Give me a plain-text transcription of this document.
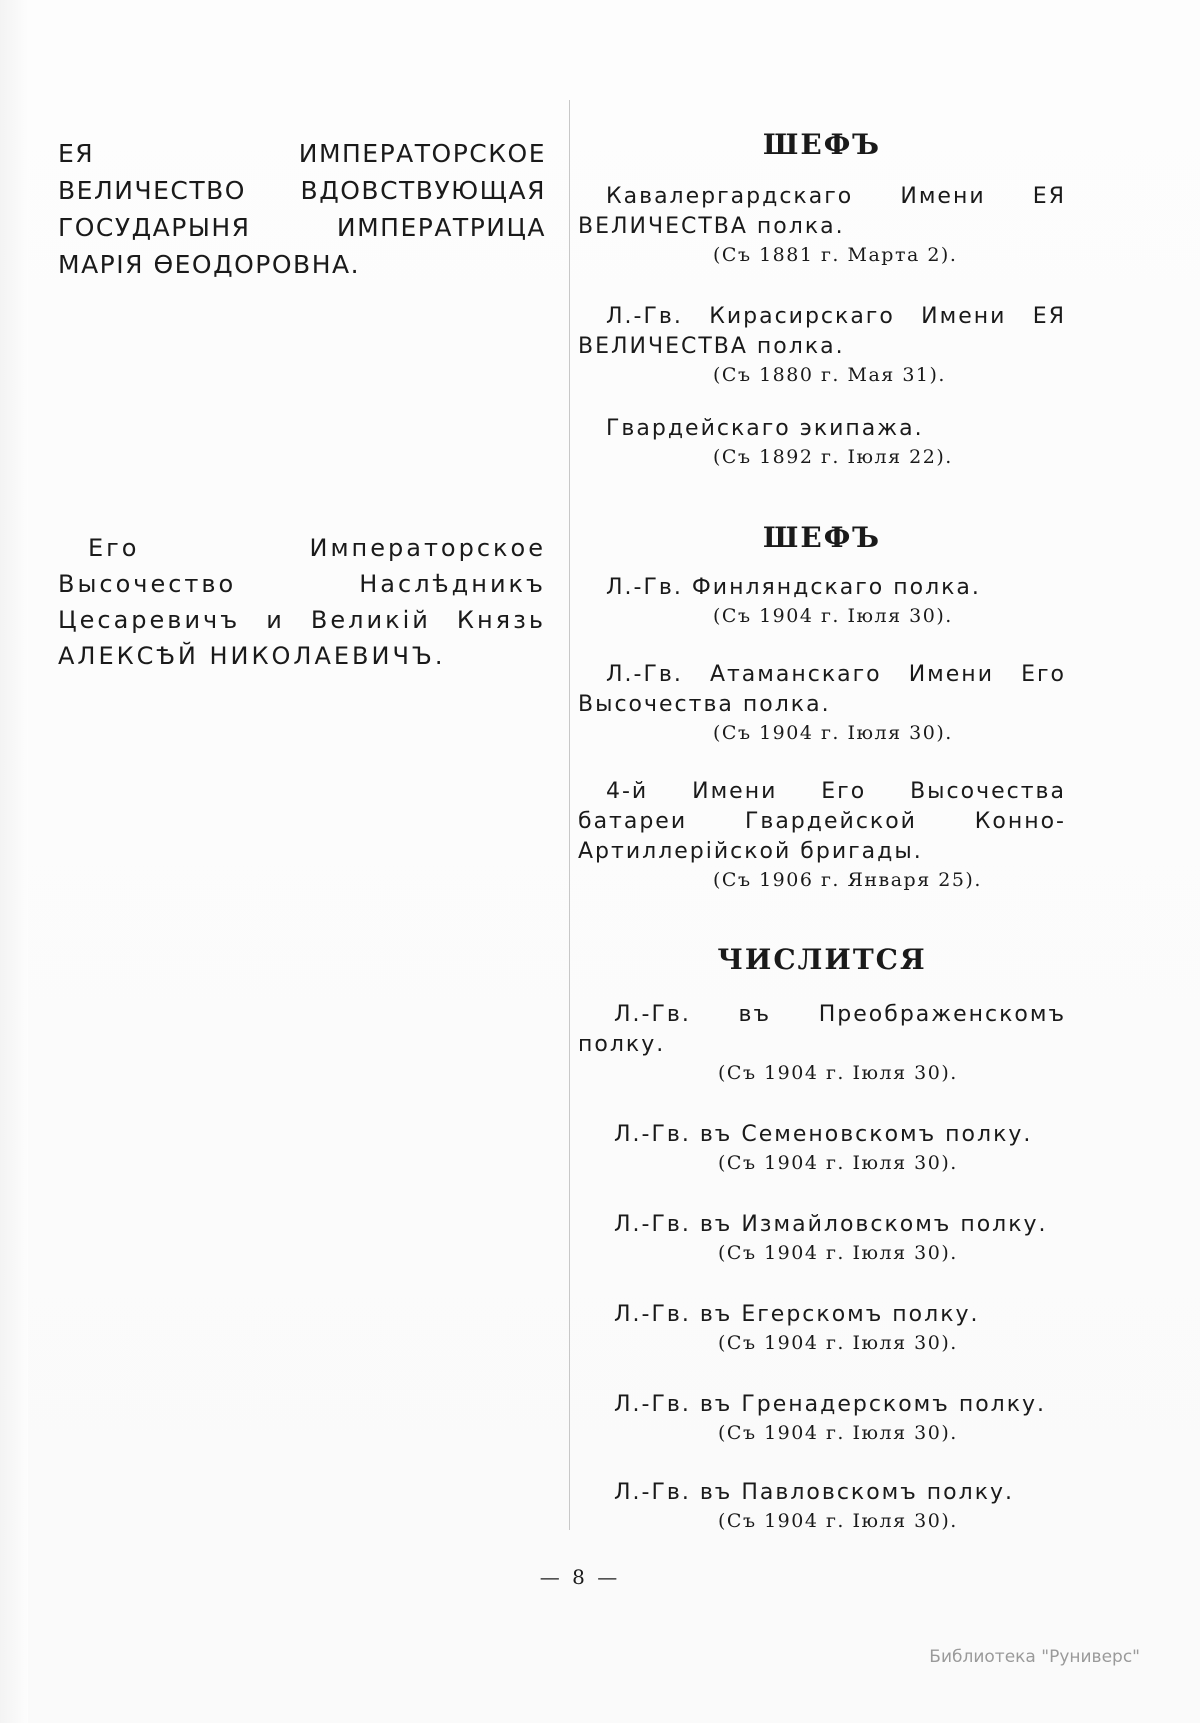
ЕЯ ИМПЕРАТОРСКОЕ ВЕЛИЧЕСТВО ВДОВСТВУЮЩАЯ ГОСУДАРЫНЯ ИМПЕРАТРИЦА МАРІЯ ѲЕОДОРОВНА.

Его Императорское Высочество Наслѣдникъ Цесаревичъ и Великій Князь АЛЕКСѢЙ НИКОЛАЕВИЧЪ.

ШЕФЪ

Кавалергардскаго Имени ЕЯ ВЕЛИЧЕСТВА полка.

(Съ 1881 г. Марта 2).

Л.-Гв. Кирасирскаго Имени ЕЯ ВЕЛИЧЕСТВА полка.

(Съ 1880 г. Мая 31).

Гвардейскаго экипажа.

(Съ 1892 г. Іюля 22).

ШЕФЪ

Л.-Гв. Финляндскаго полка.

(Съ 1904 г. Іюля 30).

Л.-Гв. Атаманскаго Имени Его Высочества полка.

(Съ 1904 г. Іюля 30).

4-й Имени Его Высочества батареи Гвардейской Конно-Артиллерійской бригады.

(Съ 1906 г. Января 25).

ЧИСЛИТСЯ

Л.-Гв. въ Преображенскомъ полку.

(Съ 1904 г. Іюля 30).

Л.-Гв. въ Семеновскомъ полку.

(Съ 1904 г. Іюля 30).

Л.-Гв. въ Измайловскомъ полку.

(Съ 1904 г. Іюля 30).

Л.-Гв. въ Егерскомъ полку.

(Съ 1904 г. Іюля 30).

Л.-Гв. въ Гренадерскомъ полку.

(Съ 1904 г. Іюля 30).

Л.-Гв. въ Павловскомъ полку.

(Съ 1904 г. Іюля 30).

— 8 —
Библиотека "Руниверс"
